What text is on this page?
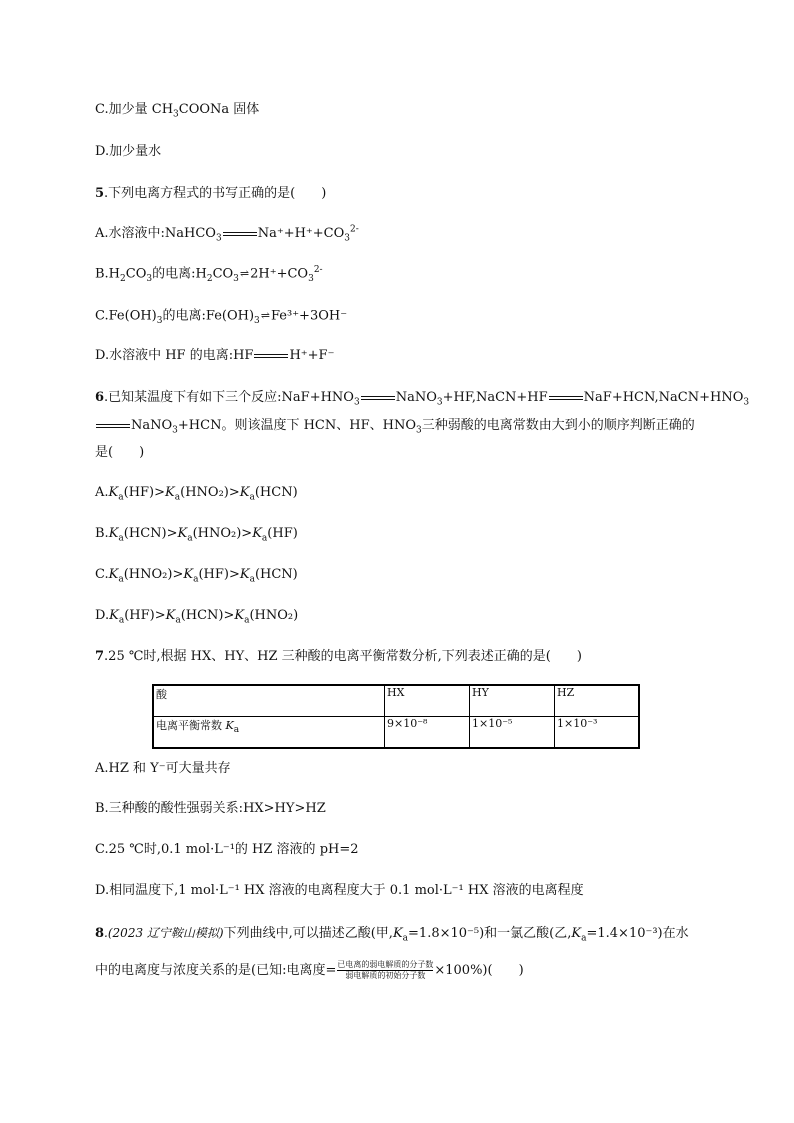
C.加少量 $CH_3COONa$ 固体
D.加少量水
5.下列电离方程式的书写正确的是( )
A.水溶液中:NaHCO$_3$	$Na^++H^++CO_3^{2-}$
$B.H_2CO_3$的电离$:H_2CO_3\rightleftharpoons 2H^++CO_3^{2-}$
$C.Fe(OH)_3$的电离$:Fe(OH)_3\rightleftharpoons Fe^{3+}+3OH^-$
D.水溶液中 HF 的电离:HF	H⁺+F⁻
6.已知某温度下有如下三个反应$:NaF+HNO_3$	NaNO$_3$+HF,NaCN+HF	$NaF+HCN,NaCN+HNO_3$
NaNO$_3$+HCN。则该温度下 HCN、HF、$HNO_3$三种弱酸的电离常数由大到小的顺序判断正确的
是( )
$A.K_a(HF)>K_a(HNO_2)>K_a(HCN)$
$B.K_a(HCN)>K_a(HNO_2)>K_a(HF)$
$C.K_a(HNO_2)>K_a(HF)>K_a(HCN)$
$D.K_a(HF)>K_a(HCN)>K_a(HNO_2)$
7.25 ℃时,根据 HX、HY、HZ 三种酸的电离平衡常数分析,下列表述正确的是( )
酸	HX	HY	HZ
电离平衡常数 $K_a$	9×10⁻⁸	1×10⁻⁵	1×10⁻³
A.HZ 和 Y⁻可大量共存
B.三种酸的酸性强弱关系:HX>HY>HZ
C.25 ℃时,0.1 mol·L⁻¹的 HZ 溶液的 pH=2
D.相同温度下,1 mol·L⁻¹ HX 溶液的电离程度大于 0.1 mol·L⁻¹ HX 溶液的电离程度
8.(2023 辽宁鞍山模拟)下列曲线中,可以描述乙酸(甲$,K_a=1.8\times 10^{-5}$)和一氯乙酸(乙$,K_a=1.4\times 10^{-3}$)在水
中的电离度与浓度关系的是(已知:电离度= $\frac{\text{已电离的弱电解质的分子数}}{\text{弱电解质的初始分子数}} \times 100\%$)( )
